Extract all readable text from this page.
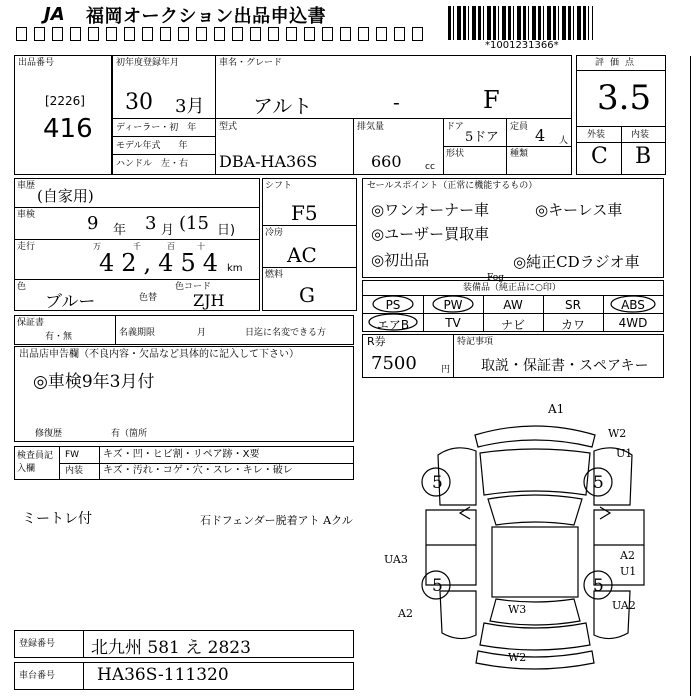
JA 福岡オークション出品申込書
*1001231366*
出品番号
[2226]
416
初年度登録年月
30 3月
ディーラー・初　年
モデル年式　　年
ハンドル　左・右
車名・グレード
アルト	-	F
型式
DBA-HA36S
排気量
660	cc
ドア
5ドア
定員 4 人
形状	種類
評価点
3.5
外装	内装
C B
車歴
(自家用)
車検	9 年 3 月 (15 日)
走行	万	千	百	十
42,454 km
色
ブルー	色替
色コード
ZJH
シフト
F5
冷房
AC
燃料
G
セールスポイント（正常に機能するもの）
◎ワンオーナー車	◎キーレス車
◎ユーザー買取車
◎初出品	◎純正CDラジオ車
装備品（純正品に○印）
Fog
PS	PW	AW	SR	ABS
エアB	TV	ナビ	カワ	4WD
保証書
有・無	名義期限	月	日迄に名変できる方
R券
7500	円
特記事項
取説・保証書・スペアキー
出品店申告欄（不良内容・欠品など具体的に記入して下さい）
◎車検9年3月付
修復歴	有（箇所
検査員記入欄
FW キズ・凹・ヒビ割・リペア跡・X要
内装 キズ・汚れ・コゲ・穴・スレ・キレ・破レ
ミートレ付	石ドフェンダー脱着アト Aクル
登録番号 北九州 581 え 2823
車台番号 HA36S-111320
5	5
5	5
A1
W2
U1
UA3	A2
U1
A2	W3	UA2
W2
